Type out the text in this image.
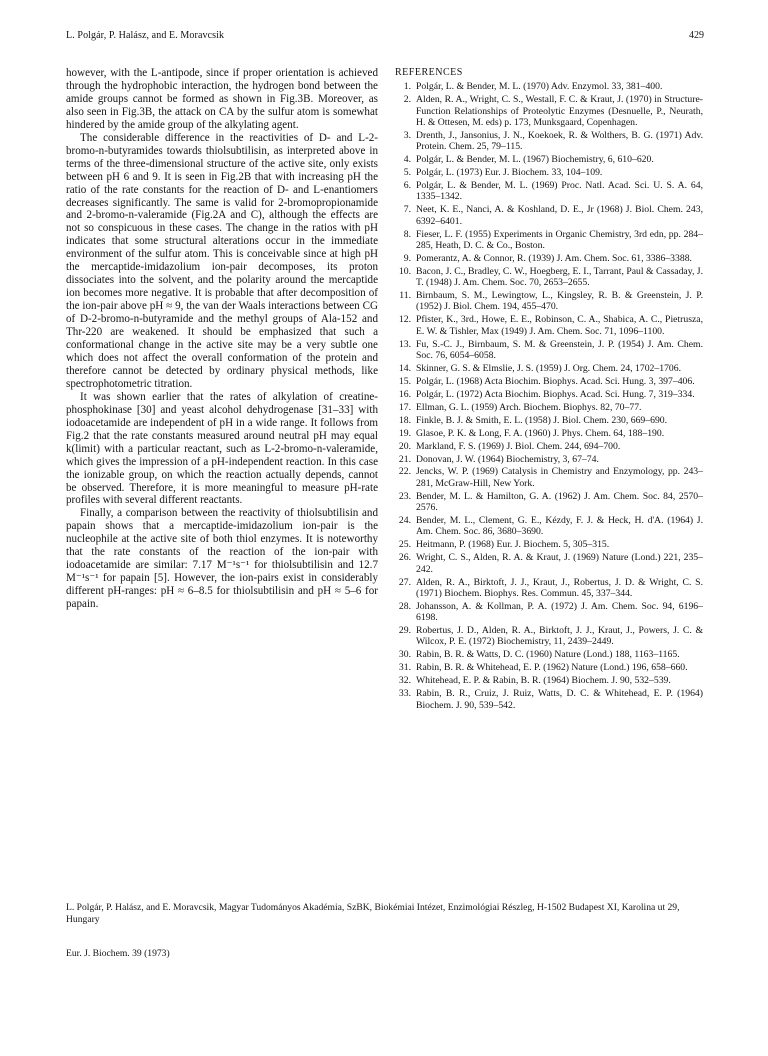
L. Polgár, P. Halász, and E. Moravcsik	429

however, with the L-antipode, since if proper orientation is achieved through the hydrophobic interaction, the hydrogen bond between the amide groups cannot be formed as shown in Fig.3B. Moreover, as also seen in Fig.3B, the attack on CA by the sulfur atom is somewhat hindered by the amide group of the alkylating agent.

The considerable difference in the reactivities of D- and L-2-bromo-n-butyramides towards thiolsubtilisin, as interpreted above in terms of the three-dimensional structure of the active site, only exists between pH 6 and 9. It is seen in Fig.2B that with increasing pH the ratio of the rate constants for the reaction of D- and L-enantiomers decreases significantly. The same is valid for 2-bromopropionamide and 2-bromo-n-valeramide (Fig.2A and C), although the effects are not so conspicuous in these cases. The change in the ratios with pH indicates that some structural alterations occur in the immediate environment of the sulfur atom. This is conceivable since at high pH the mercaptide-imidazolium ion-pair decomposes, its proton dissociates into the solvent, and the polarity around the mercaptide ion becomes more negative. It is probable that after decomposition of the ion-pair above pH ≈ 9, the van der Waals interactions between CG of D-2-bromo-n-butyramide and the methyl groups of Ala-152 and Thr-220 are weakened. It should be emphasized that such a conformational change in the active site may be a very subtle one which does not affect the overall conformation of the protein and therefore cannot be detected by ordinary physical methods, like spectrophotometric titration.

It was shown earlier that the rates of alkylation of creatine-phosphokinase [30] and yeast alcohol dehydrogenase [31–33] with iodoacetamide are independent of pH in a wide range. It follows from Fig.2 that the rate constants measured around neutral pH may equal k(limit) with a particular reactant, such as L-2-bromo-n-valeramide, which gives the impression of a pH-independent reaction. In this case the ionizable group, on which the reaction actually depends, cannot be observed. Therefore, it is more meaningful to measure pH-rate profiles with several different reactants.

Finally, a comparison between the reactivity of thiolsubtilisin and papain shows that a mercaptide-imidazolium ion-pair is the nucleophile at the active site of both thiol enzymes. It is noteworthy that the rate constants of the reaction of the ion-pair with iodoacetamide are similar: 7.17 M⁻¹s⁻¹ for thiolsubtilisin and 12.7 M⁻¹s⁻¹ for papain [5]. However, the ion-pairs exist in considerably different pH-ranges: pH ≈ 6–8.5 for thiolsubtilisin and pH ≈ 5–6 for papain.

REFERENCES
1. Polgár, L. & Bender, M. L. (1970) Adv. Enzymol. 33, 381–400.
2. Alden, R. A., Wright, C. S., Westall, F. C. & Kraut, J. (1970) in Structure-Function Relationships of Proteolytic Enzymes (Desnuelle, P., Neurath, H. & Ottesen, M. eds) p. 173, Munksgaard, Copenhagen.
3. Drenth, J., Jansonius, J. N., Koekoek, R. & Wolthers, B. G. (1971) Adv. Protein. Chem. 25, 79–115.
4. Polgár, L. & Bender, M. L. (1967) Biochemistry, 6, 610–620.
5. Polgár, L. (1973) Eur. J. Biochem. 33, 104–109.
6. Polgár, L. & Bender, M. L. (1969) Proc. Natl. Acad. Sci. U. S. A. 64, 1335–1342.
7. Neet, K. E., Nanci, A. & Koshland, D. E., Jr (1968) J. Biol. Chem. 243, 6392–6401.
8. Fieser, L. F. (1955) Experiments in Organic Chemistry, 3rd edn, pp. 284–285, Heath, D. C. & Co., Boston.
9. Pomerantz, A. & Connor, R. (1939) J. Am. Chem. Soc. 61, 3386–3388.
10. Bacon, J. C., Bradley, C. W., Hoegberg, E. I., Tarrant, Paul & Cassaday, J. T. (1948) J. Am. Chem. Soc. 70, 2653–2655.
11. Birnbaum, S. M., Lewingtow, L., Kingsley, R. B. & Greenstein, J. P. (1952) J. Biol. Chem. 194, 455–470.
12. Pfister, K., 3rd., Howe, E. E., Robinson, C. A., Shabica, A. C., Pietrusza, E. W. & Tishler, Max (1949) J. Am. Chem. Soc. 71, 1096–1100.
13. Fu, S.-C. J., Birnbaum, S. M. & Greenstein, J. P. (1954) J. Am. Chem. Soc. 76, 6054–6058.
14. Skinner, G. S. & Elmslie, J. S. (1959) J. Org. Chem. 24, 1702–1706.
15. Polgár, L. (1968) Acta Biochim. Biophys. Acad. Sci. Hung. 3, 397–406.
16. Polgár, L. (1972) Acta Biochim. Biophys. Acad. Sci. Hung. 7, 319–334.
17. Ellman, G. L. (1959) Arch. Biochem. Biophys. 82, 70–77.
18. Finkle, B. J. & Smith, E. L. (1958) J. Biol. Chem. 230, 669–690.
19. Glasoe, P. K. & Long, F. A. (1960) J. Phys. Chem. 64, 188–190.
20. Markland, F. S. (1969) J. Biol. Chem. 244, 694–700.
21. Donovan, J. W. (1964) Biochemistry, 3, 67–74.
22. Jencks, W. P. (1969) Catalysis in Chemistry and Enzymology, pp. 243–281, McGraw-Hill, New York.
23. Bender, M. L. & Hamilton, G. A. (1962) J. Am. Chem. Soc. 84, 2570–2576.
24. Bender, M. L., Clement, G. E., Kézdy, F. J. & Heck, H. d'A. (1964) J. Am. Chem. Soc. 86, 3680–3690.
25. Heitmann, P. (1968) Eur. J. Biochem. 5, 305–315.
26. Wright, C. S., Alden, R. A. & Kraut, J. (1969) Nature (Lond.) 221, 235–242.
27. Alden, R. A., Birktoft, J. J., Kraut, J., Robertus, J. D. & Wright, C. S. (1971) Biochem. Biophys. Res. Commun. 45, 337–344.
28. Johansson, A. & Kollman, P. A. (1972) J. Am. Chem. Soc. 94, 6196–6198.
29. Robertus, J. D., Alden, R. A., Birktoft, J. J., Kraut, J., Powers, J. C. & Wilcox, P. E. (1972) Biochemistry, 11, 2439–2449.
30. Rabin, B. R. & Watts, D. C. (1960) Nature (Lond.) 188, 1163–1165.
31. Rabin, B. R. & Whitehead, E. P. (1962) Nature (Lond.) 196, 658–660.
32. Whitehead, E. P. & Rabin, B. R. (1964) Biochem. J. 90, 532–539.
33. Rabin, B. R., Cruiz, J. Ruiz, Watts, D. C. & Whitehead, E. P. (1964) Biochem. J. 90, 539–542.
L. Polgár, P. Halász, and E. Moravcsik, Magyar Tudományos Akadémia, SzBK, Biokémiai Intézet, Enzimológiai Részleg, H-1502 Budapest XI, Karolina ut 29, Hungary
Eur. J. Biochem. 39 (1973)
